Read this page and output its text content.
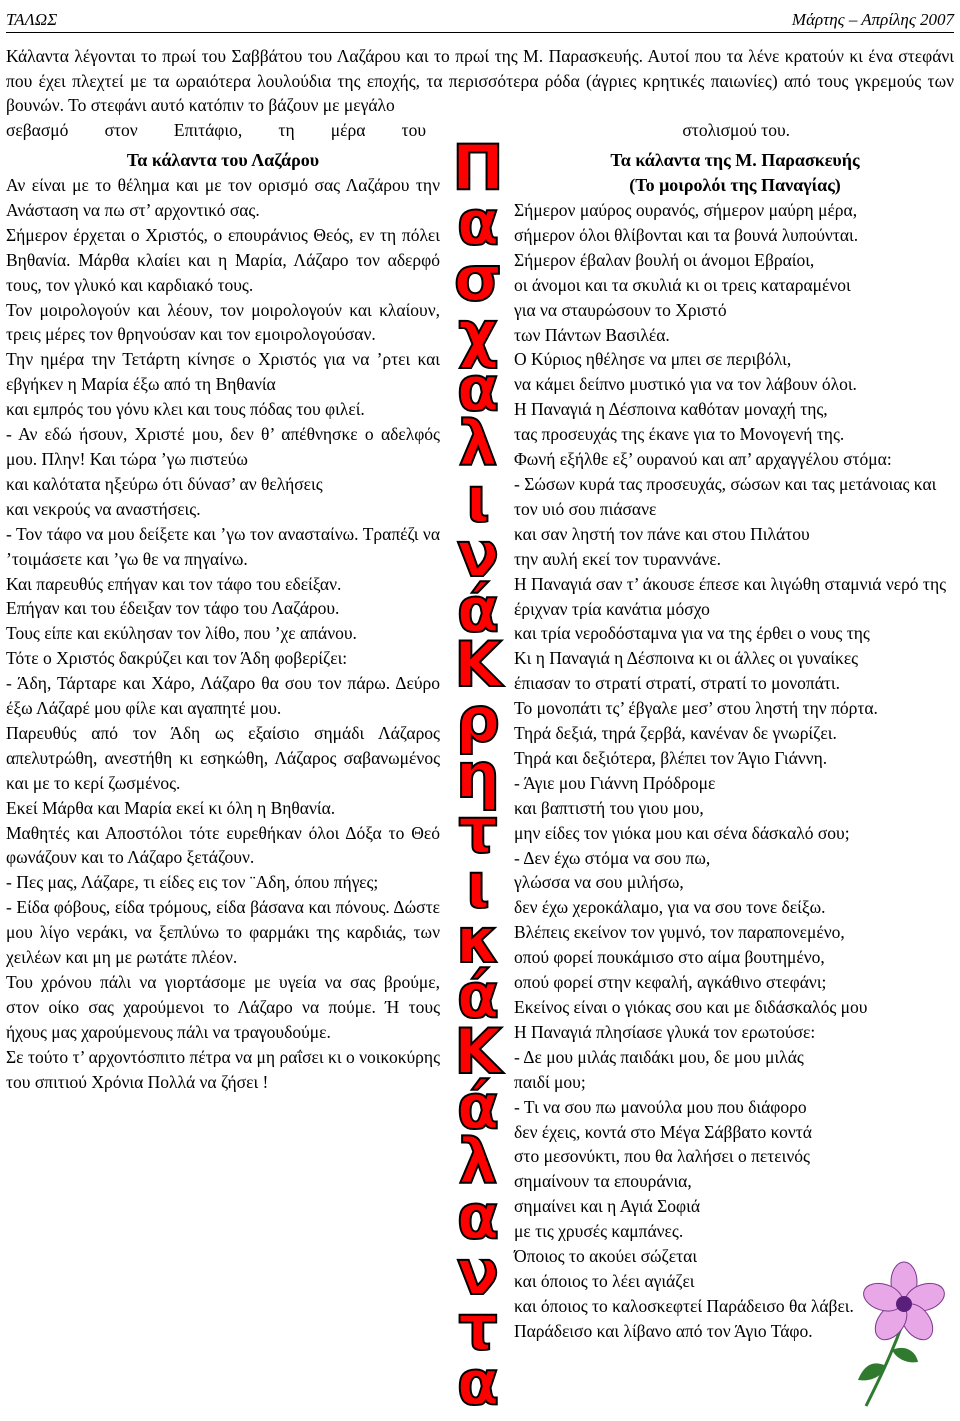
ΤΑΛΩΣ	Μάρτης – Απρίλης 2007
Κάλαντα λέγονται το πρωί του Σαββάτου του Λαζάρου και το πρωί της Μ. Παρασκευής. Αυτοί που τα λένε κρατούν κι ένα στεφάνι που έχει πλεχτεί με τα ωραιότερα λουλούδια της εποχής, τα περισσότερα ρόδα (άγριες κρητικές παιωνίες) από τους γκρεμούς των βουνών. Το στεφάνι αυτό κατόπιν το βάζουν με μεγάλο
σεβασμό στον Επιτάφιο, τη μέρα του	στολισμού του.
Τα κάλαντα του Λαζάρου

Αν είναι με το θέλημα και με τον ορισμό σας Λαζάρου την Ανάσταση να πω στ’ αρχοντικό σας.

Σήμερον έρχεται ο Χριστός, ο επουράνιος Θεός, εν τη πόλει Βηθανία. Μάρθα κλαίει και η Μαρία, Λάζαρο τον αδερφό τους, τον γλυκό και καρδιακό τους.

Τον μοιρολογούν και λέουν, τον μοιρολογούν και κλαίουν, τρεις μέρες τον θρηνούσαν και τον εμοιρολογούσαν.

Την ημέρα την Τετάρτη κίνησε ο Χριστός για να ’ρτει και εβγήκεν η Μαρία έξω από τη Βηθανία

και εμπρός του γόνυ κλει και τους πόδας του φιλεί.

- Αν εδώ ήσουν, Χριστέ μου, δεν θ’ απέθνησκε ο αδελφός μου. Πλην! Και τώρα ’γω πιστεύω

και καλότατα ηξεύρω ότι δύνασ’ αν θελήσεις

και νεκρούς να αναστήσεις.

- Τον τάφο να μου δείξετε και ’γω τον ανασταίνω. Τραπέζι να ’τοιμάσετε και ’γω θε να πηγαίνω.

Και παρευθύς επήγαν και τον τάφο του εδείξαν.

Επήγαν και του έδειξαν τον τάφο του Λαζάρου.

Τους είπε και εκύλησαν τον λίθο, που ’χε απάνου.

Τότε ο Χριστός δακρύζει και τον Άδη φοβερίζει:

- Άδη, Τάρταρε και Χάρο, Λάζαρο θα σου τον πάρω. Δεύρο έξω Λάζαρέ μου φίλε και αγαπητέ μου.

Παρευθύς από τον Άδη ως εξαίσιο σημάδι Λάζαρος απελυτρώθη, ανεστήθη κι εσηκώθη, Λάζαρος σαβανωμένος και με το κερί ζωσμένος.

Εκεί Μάρθα και Μαρία εκεί κι όλη η Βηθανία.

Μαθητές και Αποστόλοι τότε ευρεθήκαν όλοι Δόξα το Θεό φωνάζουν και το Λάζαρο ξετάζουν.

- Πες μας, Λάζαρε, τι είδες εις τον ¨Αδη, όπου πήγες;

- Είδα φόβους, είδα τρόμους, είδα βάσανα και πόνους. Δώστε μου λίγο νεράκι, να ξεπλύνω το φαρμάκι της καρδιάς, των χειλέων και μη με ρωτάτε πλέον.

Του χρόνου πάλι να γιορτάσομε με υγεία να σας βρούμε, στον οίκο σας χαρούμενοι το Λάζαρο να πούμε. Ή τους ήχους μας χαρούμενους πάλι να τραγουδούμε.

Σε τούτο τ’ αρχοντόσπιτο πέτρα να μη ραΐσει κι ο νοικοκύρης του σπιτιού Χρόνια Πολλά να ζήσει !

Π
α
σ
χ
α
λ
ι
ν
ά
Κ
ρ
η
τ
ι
κ
ά
Κ
ά
λ
α
ν
τ
α
Τα κάλαντα της Μ. Παρασκευής
(Το μοιρολόι της Παναγίας)

Σήμερον μαύρος ουρανός, σήμερον μαύρη μέρα,

σήμερον όλοι θλίβονται και τα βουνά λυπούνται.

Σήμερον έβαλαν βουλή οι άνομοι Εβραίοι,

οι άνομοι και τα σκυλιά κι οι τρεις καταραμένοι

για να σταυρώσουν το Χριστό

των Πάντων Βασιλέα.

Ο Κύριος ηθέλησε να μπει σε περιβόλι,

να κάμει δείπνο μυστικό για να τον λάβουν όλοι.

Η Παναγιά η Δέσποινα καθόταν μοναχή της,

τας προσευχάς της έκανε για το Μονογενή της.

Φωνή εξήλθε εξ’ ουρανού και απ’ αρχαγγέλου στόμα:

- Σώσων κυρά τας προσευχάς, σώσων και τας μετάνοιας και τον υιό σου πιάσανε

και σαν ληστή τον πάνε και στου Πιλάτου

την αυλή εκεί τον τυραννάνε.

Η Παναγιά σαν τ’ άκουσε έπεσε και λιγώθη σταμνιά νερό της έριχναν τρία κανάτια μόσχο

και τρία νεροδόσταμνα για να της έρθει ο νους της

Κι η Παναγιά η Δέσποινα κι οι άλλες οι γυναίκες

έπιασαν το στρατί στρατί, στρατί το μονοπάτι.

Το μονοπάτι τς’ έβγαλε μεσ’ στου ληστή την πόρτα.

Τηρά δεξιά, τηρά ζερβά, κανέναν δε γνωρίζει.

Τηρά και δεξιότερα, βλέπει τον Άγιο Γιάννη.

- Άγιε μου Γιάννη Πρόδρομε

και βαπτιστή του γιου μου,

μην είδες τον γιόκα μου και σένα δάσκαλό σου;

- Δεν έχω στόμα να σου πω,

γλώσσα να σου μιλήσω,

δεν έχω χεροκάλαμο, για να σου τονε δείξω.

Βλέπεις εκείνον τον γυμνό, τον παραπονεμένο,

οπού φορεί πουκάμισο στο αίμα βουτημένο,

οπού φορεί στην κεφαλή, αγκάθινο στεφάνι;

Εκείνος είναι ο γιόκας σου και με διδάσκαλός μου

Η Παναγιά πλησίασε γλυκά τον ερωτούσε:

- Δε μου μιλάς παιδάκι μου, δε μου μιλάς

παιδί μου;

- Τι να σου πω μανούλα μου που διάφορο

δεν έχεις, κοντά στο Μέγα Σάββατο κοντά

στο μεσονύκτι, που θα λαλήσει ο πετεινός

σημαίνουν τα επουράνια,

σημαίνει και η Αγιά Σοφιά

με τις χρυσές καμπάνες.

Όποιος το ακούει σώζεται

και όποιος το λέει αγιάζει

και όποιος το καλοσκεφτεί Παράδεισο θα λάβει.

Παράδεισο και λίβανο από τον Άγιο Τάφο.
